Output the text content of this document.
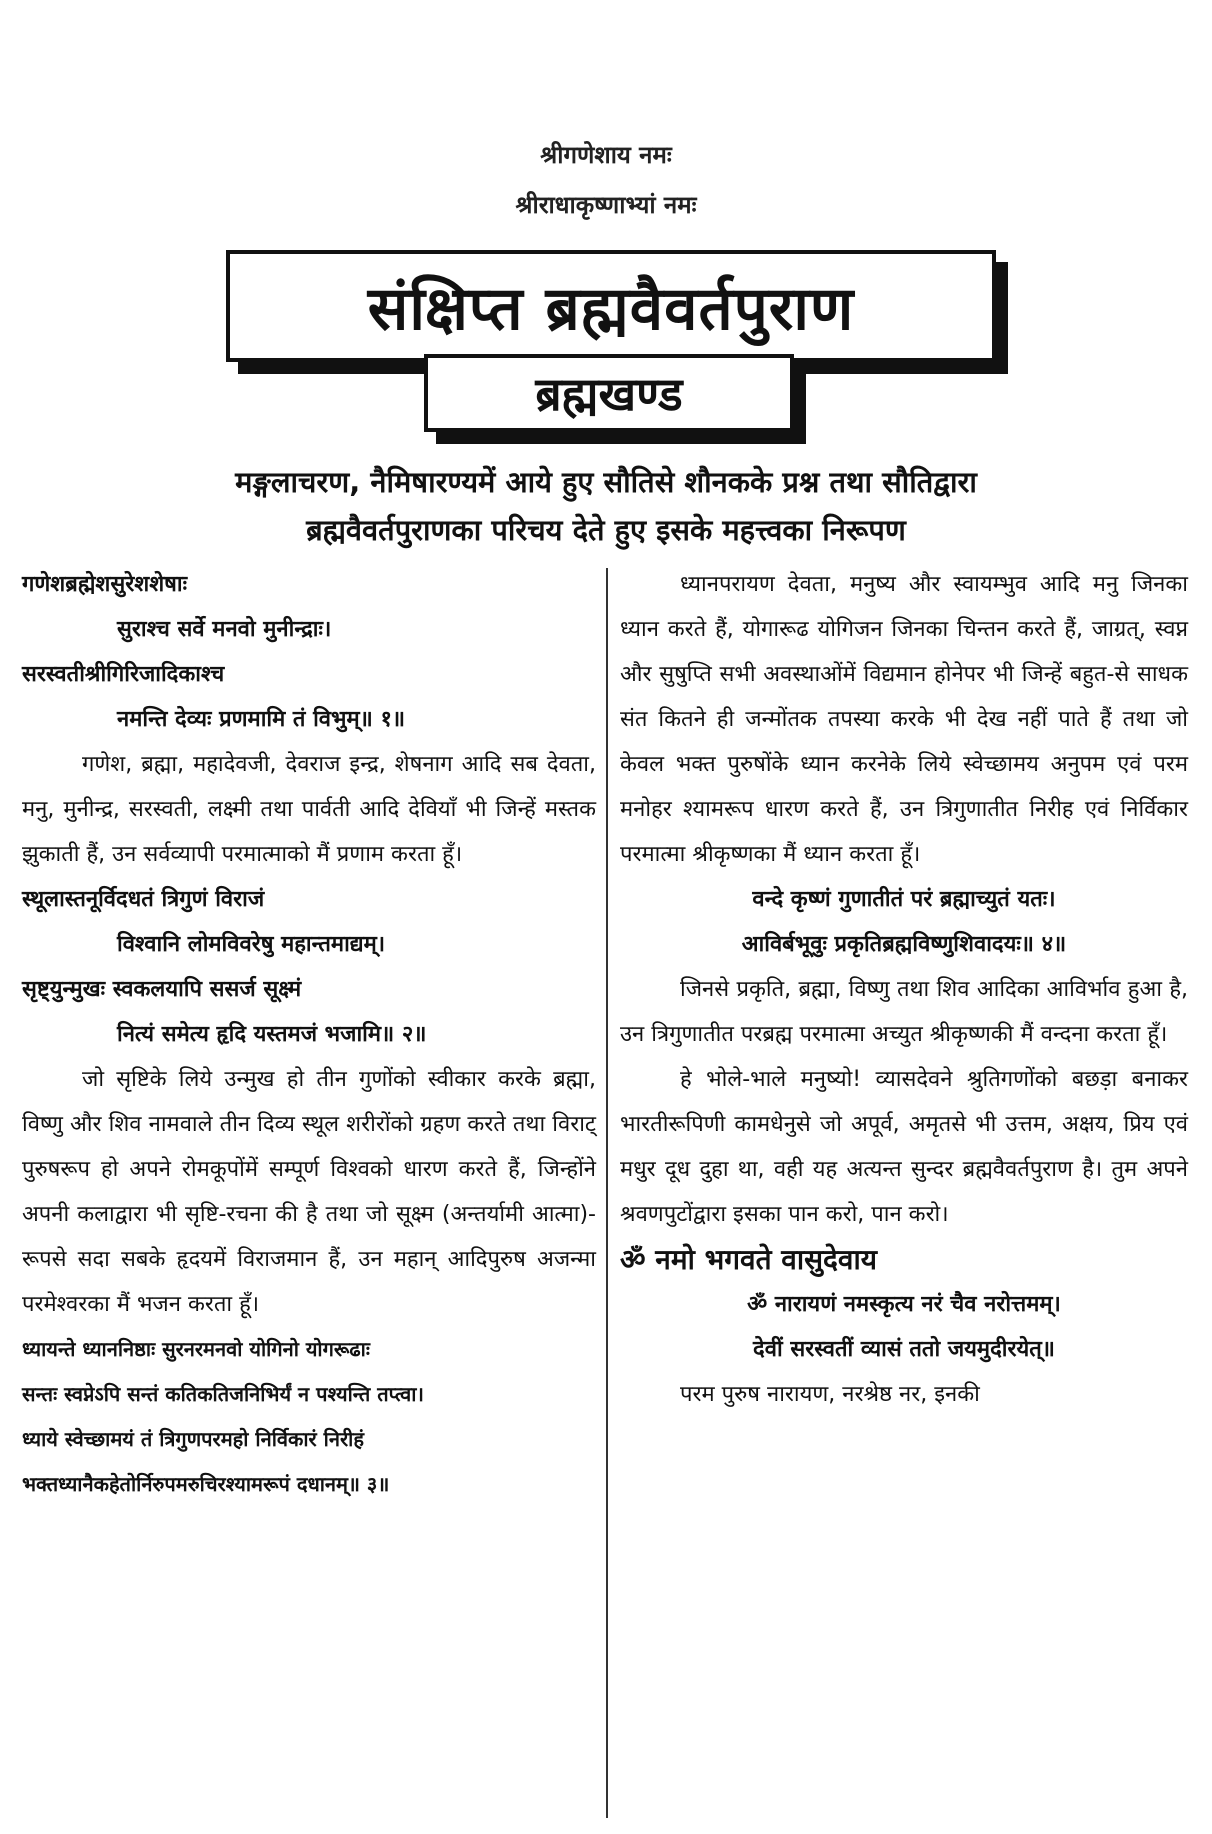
श्रीगणेशाय नमः
श्रीराधाकृष्णाभ्यां नमः
संक्षिप्त ब्रह्मवैवर्तपुराण
ब्रह्मखण्ड
मङ्गलाचरण, नैमिषारण्यमें आये हुए सौतिसे शौनकके प्रश्न तथा सौतिद्वारा
ब्रह्मवैवर्तपुराणका परिचय देते हुए इसके महत्त्वका निरूपण

गणेशब्रह्मेशसुरेशशेषाः

सुराश्च सर्वे मनवो मुनीन्द्राः।

सरस्वतीश्रीगिरिजादिकाश्च

नमन्ति देव्यः प्रणमामि तं विभुम्॥ १॥

गणेश, ब्रह्मा, महादेवजी, देवराज इन्द्र, शेषनाग आदि सब देवता, मनु, मुनीन्द्र, सरस्वती, लक्ष्मी तथा पार्वती आदि देवियाँ भी जिन्हें मस्तक झुकाती हैं, उन सर्वव्यापी परमात्माको मैं प्रणाम करता हूँ।

स्थूलास्तनूर्विदधतं त्रिगुणं विराजं

विश्वानि लोमविवरेषु महान्तमाद्यम्।

सृष्ट्युन्मुखः स्वकलयापि ससर्ज सूक्ष्मं

नित्यं समेत्य हृदि यस्तमजं भजामि॥ २॥

जो सृष्टिके लिये उन्मुख हो तीन गुणोंको स्वीकार करके ब्रह्मा, विष्णु और शिव नामवाले तीन दिव्य स्थूल शरीरोंको ग्रहण करते तथा विराट् पुरुषरूप हो अपने रोमकूपोंमें सम्पूर्ण विश्वको धारण करते हैं, जिन्होंने अपनी कलाद्वारा भी सृष्टि-रचना की है तथा जो सूक्ष्म (अन्तर्यामी आत्मा)-रूपसे सदा सबके हृदयमें विराजमान हैं, उन महान् आदिपुरुष अजन्मा परमेश्वरका मैं भजन करता हूँ।

ध्यायन्ते ध्याननिष्ठाः सुरनरमनवो योगिनो योगरूढाः

सन्तः स्वप्नेऽपि सन्तं कतिकतिजनिभिर्यं न पश्यन्ति तप्त्वा।

ध्याये स्वेच्छामयं तं त्रिगुणपरमहो निर्विकारं निरीहं

भक्तध्यानैकहेतोर्निरुपमरुचिरश्यामरूपं दधानम्॥ ३॥

ध्यानपरायण देवता, मनुष्य और स्वायम्भुव आदि मनु जिनका ध्यान करते हैं, योगारूढ योगिजन जिनका चिन्तन करते हैं, जाग्रत्, स्वप्न और सुषुप्ति सभी अवस्थाओंमें विद्यमान होनेपर भी जिन्हें बहुत-से साधक संत कितने ही जन्मोंतक तपस्या करके भी देख नहीं पाते हैं तथा जो केवल भक्त पुरुषोंके ध्यान करनेके लिये स्वेच्छामय अनुपम एवं परम मनोहर श्यामरूप धारण करते हैं, उन त्रिगुणातीत निरीह एवं निर्विकार परमात्मा श्रीकृष्णका मैं ध्यान करता हूँ।

वन्दे कृष्णं गुणातीतं परं ब्रह्माच्युतं यतः।

आविर्बभूवुः प्रकृतिब्रह्मविष्णुशिवादयः॥ ४॥

जिनसे प्रकृति, ब्रह्मा, विष्णु तथा शिव आदिका आविर्भाव हुआ है, उन त्रिगुणातीत परब्रह्म परमात्मा अच्युत श्रीकृष्णकी मैं वन्दना करता हूँ।

हे भोले-भाले मनुष्यो! व्यासदेवने श्रुतिगणोंको बछड़ा बनाकर भारतीरूपिणी कामधेनुसे जो अपूर्व, अमृतसे भी उत्तम, अक्षय, प्रिय एवं मधुर दूध दुहा था, वही यह अत्यन्त सुन्दर ब्रह्मवैवर्तपुराण है। तुम अपने श्रवणपुटोंद्वारा इसका पान करो, पान करो।

ॐ नमो भगवते वासुदेवाय

ॐ नारायणं नमस्कृत्य नरं चैव नरोत्तमम्।

देवीं सरस्वतीं व्यासं ततो जयमुदीरयेत्॥

परम पुरुष नारायण, नरश्रेष्ठ नर, इनकी
